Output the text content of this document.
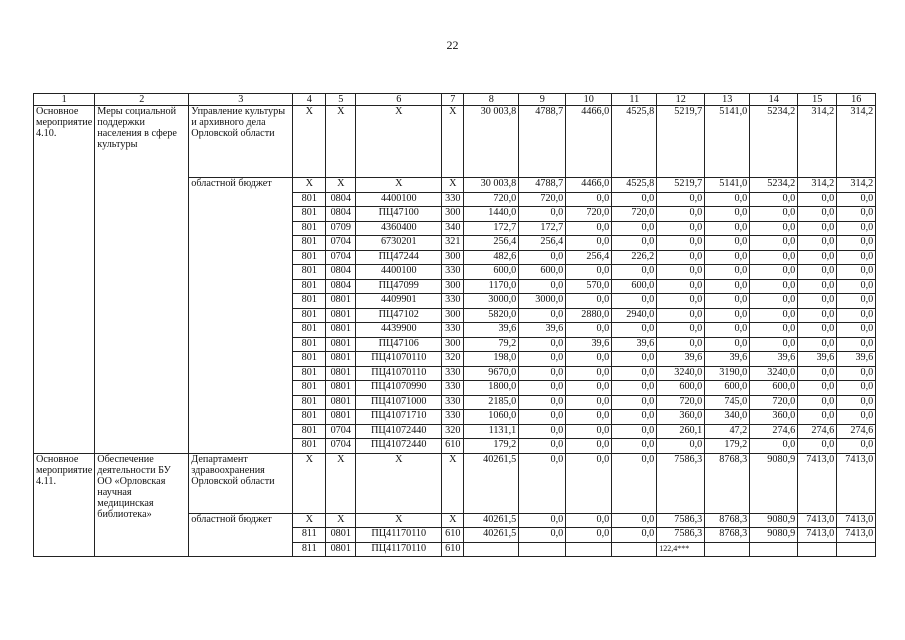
22
1	2	3	4	5	6	7	8	9	10	11	12	13	14	15	16
Основное мероприятие 4.10.	Меры социальной поддержки населения в сфере культуры	Управление культуры и архивного дела Орловской области	Х	Х	Х	Х	30 003,8	4788,7	4466,0	4525,8	5219,7	5141,0	5234,2	314,2	314,2
		областной бюджет	Х	Х	Х	Х	30 003,8	4788,7	4466,0	4525,8	5219,7	5141,0	5234,2	314,2	314,2
			801	0804	4400100	330	720,0	720,0	0,0	0,0	0,0	0,0	0,0	0,0	0,0
			801	0804	ПЦ47100	300	1440,0	0,0	720,0	720,0	0,0	0,0	0,0	0,0	0,0
			801	0709	4360400	340	172,7	172,7	0,0	0,0	0,0	0,0	0,0	0,0	0,0
			801	0704	6730201	321	256,4	256,4	0,0	0,0	0,0	0,0	0,0	0,0	0,0
			801	0704	ПЦ47244	300	482,6	0,0	256,4	226,2	0,0	0,0	0,0	0,0	0,0
			801	0804	4400100	330	600,0	600,0	0,0	0,0	0,0	0,0	0,0	0,0	0,0
			801	0804	ПЦ47099	300	1170,0	0,0	570,0	600,0	0,0	0,0	0,0	0,0	0,0
			801	0801	4409901	330	3000,0	3000,0	0,0	0,0	0,0	0,0	0,0	0,0	0,0
			801	0801	ПЦ47102	300	5820,0	0,0	2880,0	2940,0	0,0	0,0	0,0	0,0	0,0
			801	0801	4439900	330	39,6	39,6	0,0	0,0	0,0	0,0	0,0	0,0	0,0
			801	0801	ПЦ47106	300	79,2	0,0	39,6	39,6	0,0	0,0	0,0	0,0	0,0
			801	0801	ПЦ41070110	320	198,0	0,0	0,0	0,0	39,6	39,6	39,6	39,6	39,6
			801	0801	ПЦ41070110	330	9670,0	0,0	0,0	0,0	3240,0	3190,0	3240,0	0,0	0,0
			801	0801	ПЦ41070990	330	1800,0	0,0	0,0	0,0	600,0	600,0	600,0	0,0	0,0
			801	0801	ПЦ41071000	330	2185,0	0,0	0,0	0,0	720,0	745,0	720,0	0,0	0,0
			801	0801	ПЦ41071710	330	1060,0	0,0	0,0	0,0	360,0	340,0	360,0	0,0	0,0
			801	0704	ПЦ41072440	320	1131,1	0,0	0,0	0,0	260,1	47,2	274,6	274,6	274,6
			801	0704	ПЦ41072440	610	179,2	0,0	0,0	0,0	0,0	179,2	0,0	0,0	0,0
Основное мероприятие 4.11.	Обеспечение деятельности БУ ОО «Орловская научная медицинская библиотека»	Департамент здравоохранения Орловской области	Х	Х	Х	Х	40261,5	0,0	0,0	0,0	7586,3	8768,3	9080,9	7413,0	7413,0
		областной бюджет	Х	Х	Х	Х	40261,5	0,0	0,0	0,0	7586,3	8768,3	9080,9	7413,0	7413,0
			811	0801	ПЦ41170110	610	40261,5	0,0	0,0	0,0	7586,3	8768,3	9080,9	7413,0	7413,0
			811	0801	ПЦ41170110	610					122,4***				
